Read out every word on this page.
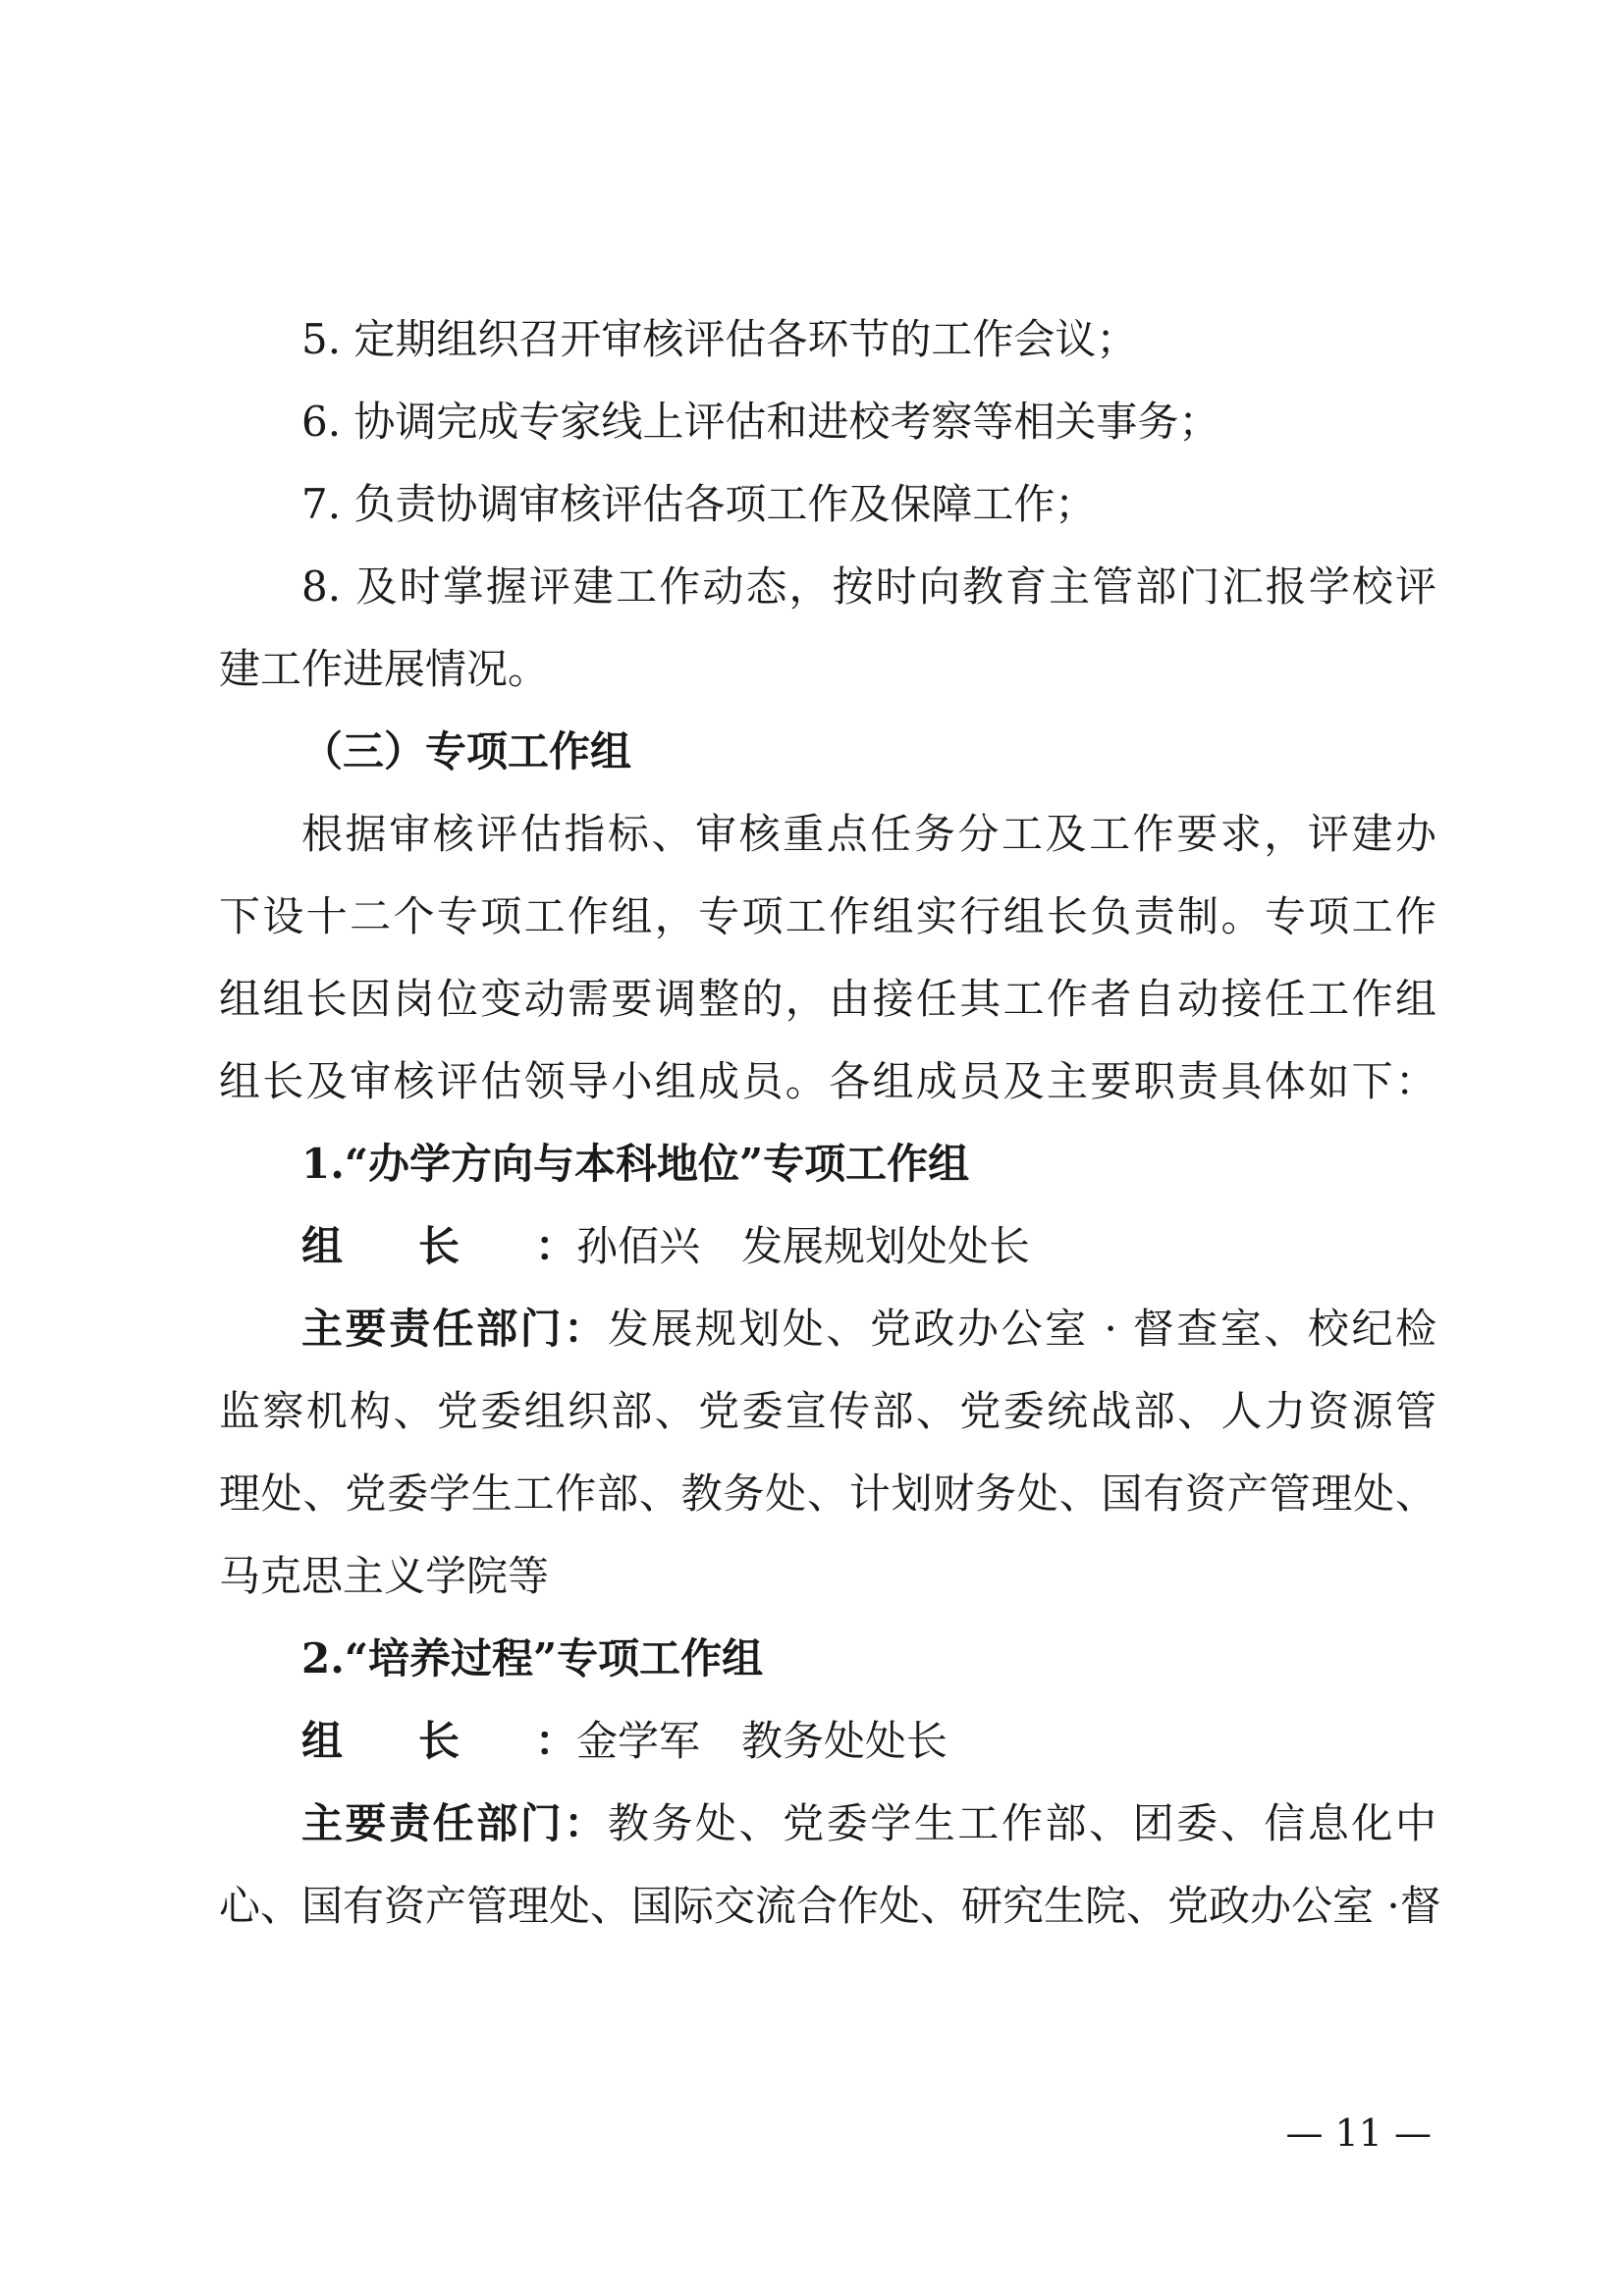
5. 定期组织召开审核评估各环节的工作会议；
6. 协调完成专家线上评估和进校考察等相关事务；
7. 负责协调审核评估各项工作及保障工作；
8. 及时掌握评建工作动态，按时向教育主管部门汇报学校评
建工作进展情况。
（三）专项工作组
根据审核评估指标、审核重点任务分工及工作要求，评建办
下设十二个专项工作组，专项工作组实行组长负责制。专项工作
组组长因岗位变动需要调整的，由接任其工作者自动接任工作组
组长及审核评估领导小组成员。各组成员及主要职责具体如下：
1.“办学方向与本科地位”专项工作组
组长：孙佰兴　发展规划处处长
主要责任部门：发展规划处、党政办公室 · 督查室、校纪检
监察机构、党委组织部、党委宣传部、党委统战部、人力资源管
理处、党委学生工作部、教务处、计划财务处、国有资产管理处、
马克思主义学院等
2.“培养过程”专项工作组
组长：金学军　教务处处长
主要责任部门：教务处、党委学生工作部、团委、信息化中
心、国有资产管理处、国际交流合作处、研究生院、党政办公室 ·督
— 11 —
